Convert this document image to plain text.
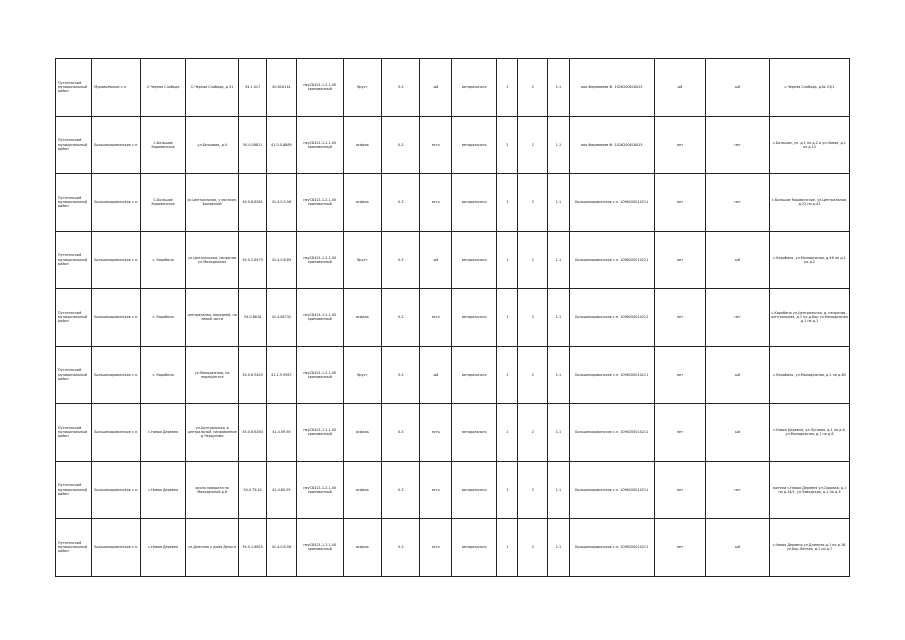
Путятинский муниципальный район	Муравьёвское с.п.	С.Черная Слобода	С.Черная Слобода, д.31	54.1.017	40.816114	неуСБ421-1.2.1-00 хрипованный	бруст	0-3	ый	веторального	1	2	1.1	ооо Фирмаваев Ф. 1026200618415	ый	ый	с.Черная Слобода, д.№ 23/1
Путятинский муниципальный район	Большекоровинское с.п.	С.Большое Коровинское	ул.Бочковая, д.4	50.0.08811	41.0.0.8889	неуСБ421-1.2.1-00 хрипованный	асфаль	0-3	есть	веторального	2	2	1.1	ооо Фирмаваев Ф. 1026200618415	нет	нет	с.Большое, ул. д.1 по д.2 и ул.Новая, д.1 по д.12
Путятинский муниципальный район	Большекоровинское с.п.	С.Большое Коровинское	ул.Центральная, у магазин, Бонавский	54.0.6.8581	41.4.0.5.58	неуСБ421-1.2.1-00 хрипованный	асфаль	0-3	есть	веторального	1	2	1.1	Большекоровинское с.п. 1096200014211	нет	нет	с.Большое Коровинское, ул.Центральная, д.22 по д.43
Путятинский муниципальный район	Большекоровинское с.п.	с. Карабино	ул.Центральная, напротив ул.Молодежная	54.0.2.6479	41.4.0.8.89	неуСБ421-1.2.1-00 хрипованный	бруст	0-3	ый	веторального	1	2	1.1	Большекоровинское с.п. 1096200014211	нет	ый	с.Карабино, ул.Молодежная, д.46 по д.1 по д.2
Путятинский муниципальный район	Большекоровинское с.п.	с. Карабино	центральная, передней, на левой части	54.0.8816	41.4.84732	неуСБ421-1.2.1-00 хрипованный	асфаль	0-2	есть	веторального	1	2	1.1	Большекоровинское с.п. 1096200014211	нет	нет	с.Карабино ул.Центральная, д. напротив - центральная, д.1 по д.Бор ул.Молодежная д.1 по д.1
Путятинский муниципальный район	Большекоровинское с.п.	с. Карабино	ул.Молодежная, на перекрестке	54.0.6.9445	41.2.5.9567	неуСБ421-1.2.1-00 хрипованный	бруст	0-3	ый	веторального	1	2	1.1	Большекоровинское с.п. 1096200014211	нет	ый	с.Карабино, ул.Молодежная, д.1 по д.80
Путятинский муниципальный район	Большекоровинское с.п.	с.Новая Деревня	ул.Центральная, в центральной, направление д.Чердуново	54.0.6.6263	41.4.59.56	неуСБ421-1.2.1-00 хрипованный	асфаль	0-3	есть	веторального	1	2	1.1	Большекоровинское с.п. 1096200014211	нет	ый	с.Новая Деревня, ул.Луговая, д.1 по д.6, ул.Молодежная, д.1 по д.6
Путятинский муниципальный район	Большекоровинское с.п.	с.Новая Деревня	около поворота на Молодежной д.6	54.0.79.42	41.4.60.05	неуСБ421-1.2.1-00 хрипованный	асфаль	0-3	есть	веторального	1	2	1.1	Большекоровинское с.п. 1096200014211	нет	нет	жители с.Новая Деревня ул.Садовая, д.1 по д.14/1, ул.Заводская, д.1 по д.4
Путятинский муниципальный район	Большекоровинское с.п.	с.Новая Деревня	ул.Длинная у дома Деньги	54.0.1.6625	41.4.0.8.58	неуСБ421-1.2.1-00 хрипованный	асфаль	0-3	есть	веторального	1	2	1.1	Большекоровинское с.п. 1096200014211	нет	ый	с.Новая Деревня ул.Длинная д.1 по д.16, ул.Бор.Лесная, д.1 по д.7
